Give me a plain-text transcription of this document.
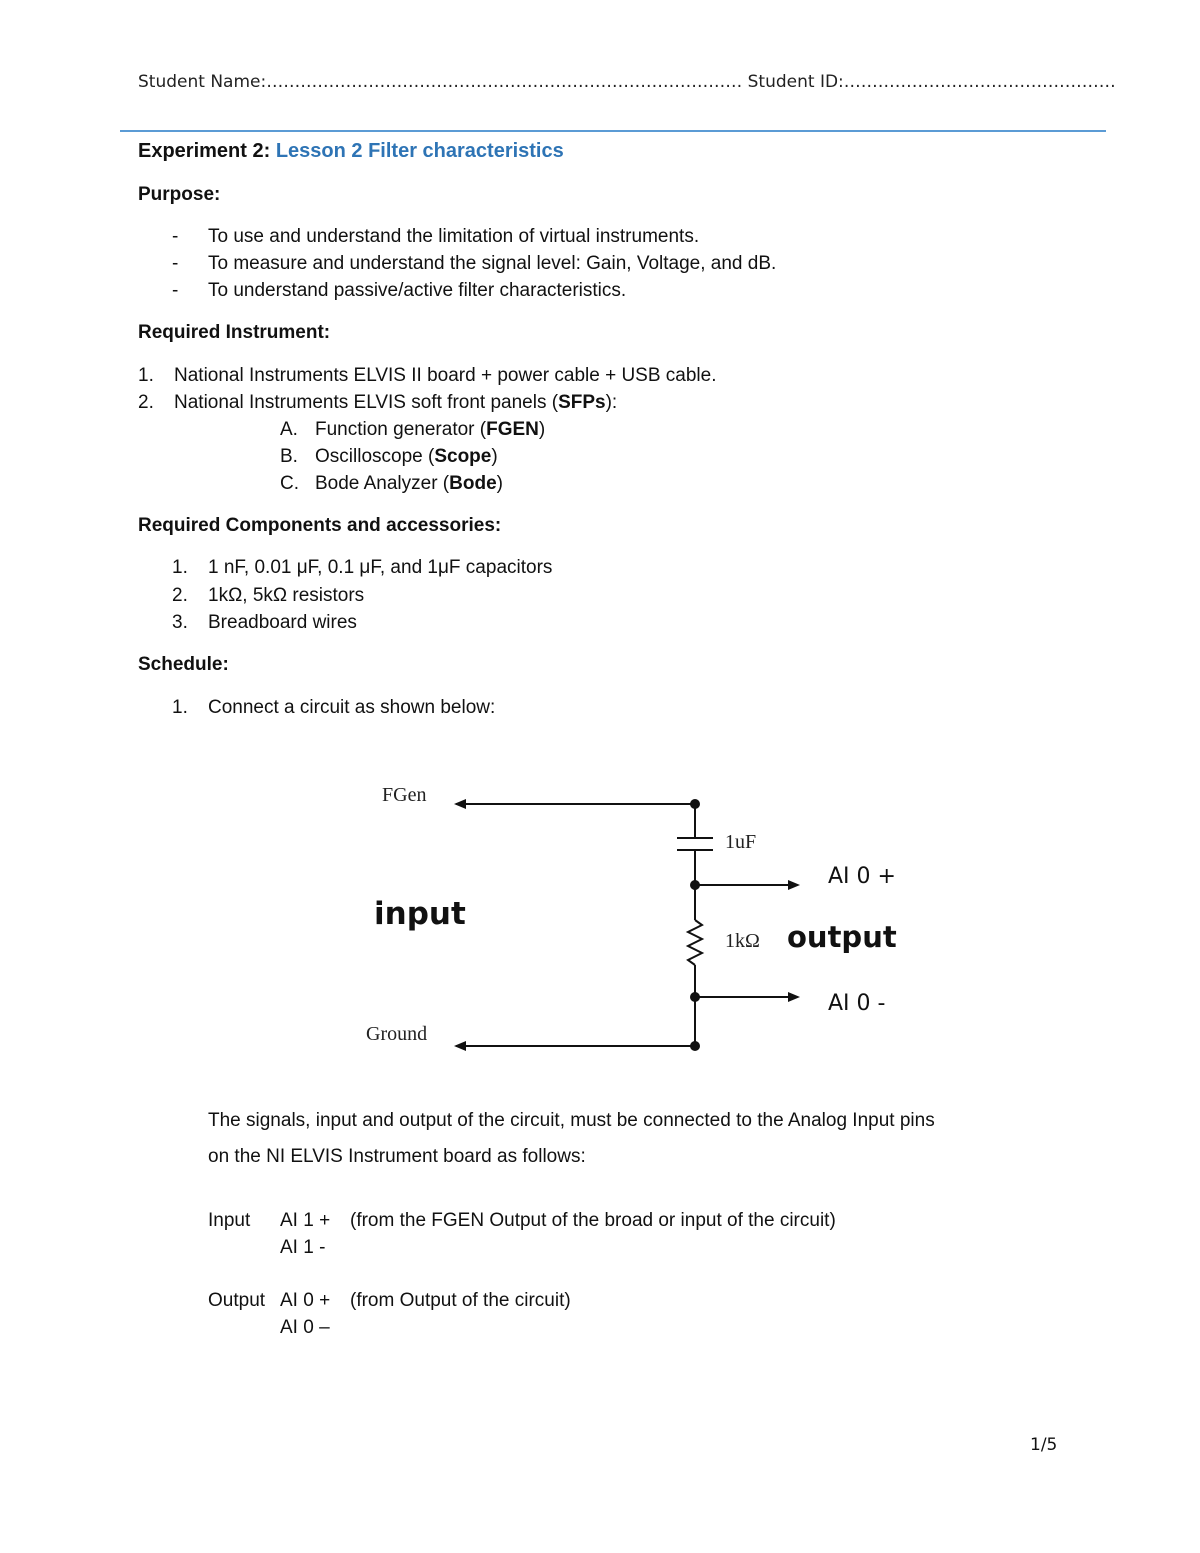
Student Name:………………………………………………………………………… Student ID:…………………………………………
Experiment 2: Lesson 2 Filter characteristics
Purpose:
- To use and understand the limitation of virtual instruments.
- To measure and understand the signal level: Gain, Voltage, and dB.
- To understand passive/active filter characteristics.
Required Instrument:
1. National Instruments ELVIS II board + power cable + USB cable.
2. National Instruments ELVIS soft front panels (SFPs):
A. Function generator (FGEN)
B. Oscilloscope (Scope)
C. Bode Analyzer (Bode)
Required Components and accessories:
1. 1 nF, 0.01 μF, 0.1 μF, and 1μF capacitors
2. 1kΩ, 5kΩ resistors
3. Breadboard wires
Schedule:
1. Connect a circuit as shown below:
FGen
1uF
AI 0 +
input
1kΩ output
AI 0 -
Ground
The signals, input and output of the circuit, must be connected to the Analog Input pins
on the NI ELVIS Instrument board as follows:
Input AI 1 + (from the FGEN Output of the broad or input of the circuit)
AI 1 -
Output AI 0 + (from Output of the circuit)
AI 0 –
1/5
